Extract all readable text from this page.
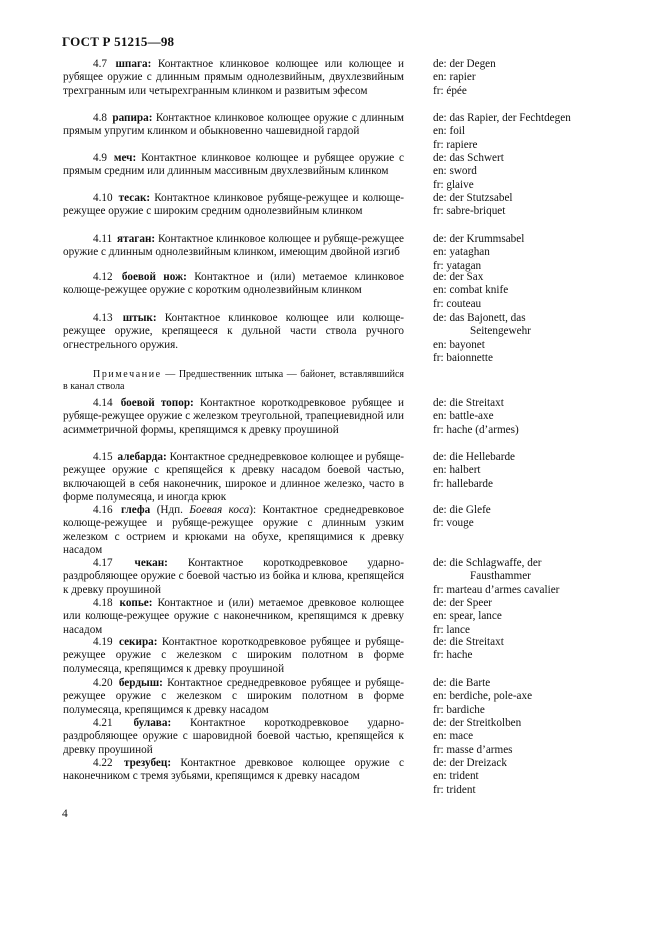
ГОСТ Р 51215—98
4.7 шпага: Контактное клинковое колющее или колющее и рубящее оружие с длинным прямым однолезвийным, двухлезвийным трехгранным или четырехгранным клинком и развитым эфесом
de: der Degen
en: rapier
fr: épée
4.8 рапира: Контактное клинковое колющее оружие с длинным прямым упругим клинком и обыкновенно чашевидной гардой
de: das Rapier, der Fechtdegen
en: foil
fr: rapiere
4.9 меч: Контактное клинковое колющее и рубящее оружие с прямым средним или длинным массивным двухлезвийным клинком
de: das Schwert
en: sword
fr: glaive
4.10 тесак: Контактное клинковое рубяще-режущее и колюще-режущее оружие с широким средним однолезвийным клинком
de: der Stutzsabel
fr: sabre-briquet
4.11 ятаган: Контактное клинковое колющее и рубяще-режущее оружие с длинным однолезвийным клинком, имеющим двойной изгиб
de: der Krummsabel
en: yataghan
fr: yatagan
4.12 боевой нож: Контактное и (или) метаемое клинковое колюще-режущее оружие с коротким однолезвийным клинком
de: der Sax
en: combat knife
fr: couteau
4.13 штык: Контактное клинковое колющее или колюще-режущее оружие, крепящееся к дульной части ствола ручного огнестрельного оружия.
de: das Bajonett, das
Seitengewehr
en: bayonet
fr: baionnette
Примечание — Предшественник штыка — байонет, вставлявшийся в канал ствола
4.14 боевой топор: Контактное короткодревковое рубящее и рубяще-режущее оружие с железком треугольной, трапециевидной или асимметричной формы, крепящимся к древку проушиной
de: die Streitaxt
en: battle-axe
fr: hache (d’armes)
4.15 алебарда: Контактное среднедревковое колющее и рубяще-режущее оружие с крепящейся к древку насадом боевой частью, включающей в себя наконечник, широкое и длинное железко, часто в форме полумесяца, и иногда крюк
de: die Hellebarde
en: halbert
fr: hallebarde
4.16 глефа (Ндп. Боевая коса): Контактное среднедревковое колюще-режущее и рубяще-режущее оружие с длинным узким железком с острием и крюками на обухе, крепящимися к древку насадом
de: die Glefe
fr: vouge
4.17 чекан: Контактное короткодревковое ударно-раздробляющее оружие с боевой частью из бойка и клюва, крепящейся к древку проушиной
de: die Schlagwaffe, der
Fausthammer
fr: marteau d’armes cavalier
4.18 копье: Контактное и (или) метаемое древковое колющее или колюще-режущее оружие с наконечником, крепящимся к древку насадом
de: der Speer
en: spear, lance
fr: lance
4.19 секира: Контактное короткодревковое рубящее и рубяще-режущее оружие с железком с широким полотном в форме полумесяца, крепящимся к древку проушиной
de: die Streitaxt
fr: hache
4.20 бердыш: Контактное среднедревковое рубящее и рубяще-режущее оружие с железком с широким полотном в форме полумесяца, крепящимся к древку насадом
de: die Barte
en: berdiche, pole-axe
fr: bardiche
4.21 булава: Контактное короткодревковое ударно-раздробляющее оружие с шаровидной боевой частью, крепящейся к древку проушиной
de: der Streitkolben
en: mace
fr: masse d’armes
4.22 трезубец: Контактное древковое колющее оружие с наконечником с тремя зубьями, крепящимся к древку насадом
de: der Dreizack
en: trident
fr: trident
4
